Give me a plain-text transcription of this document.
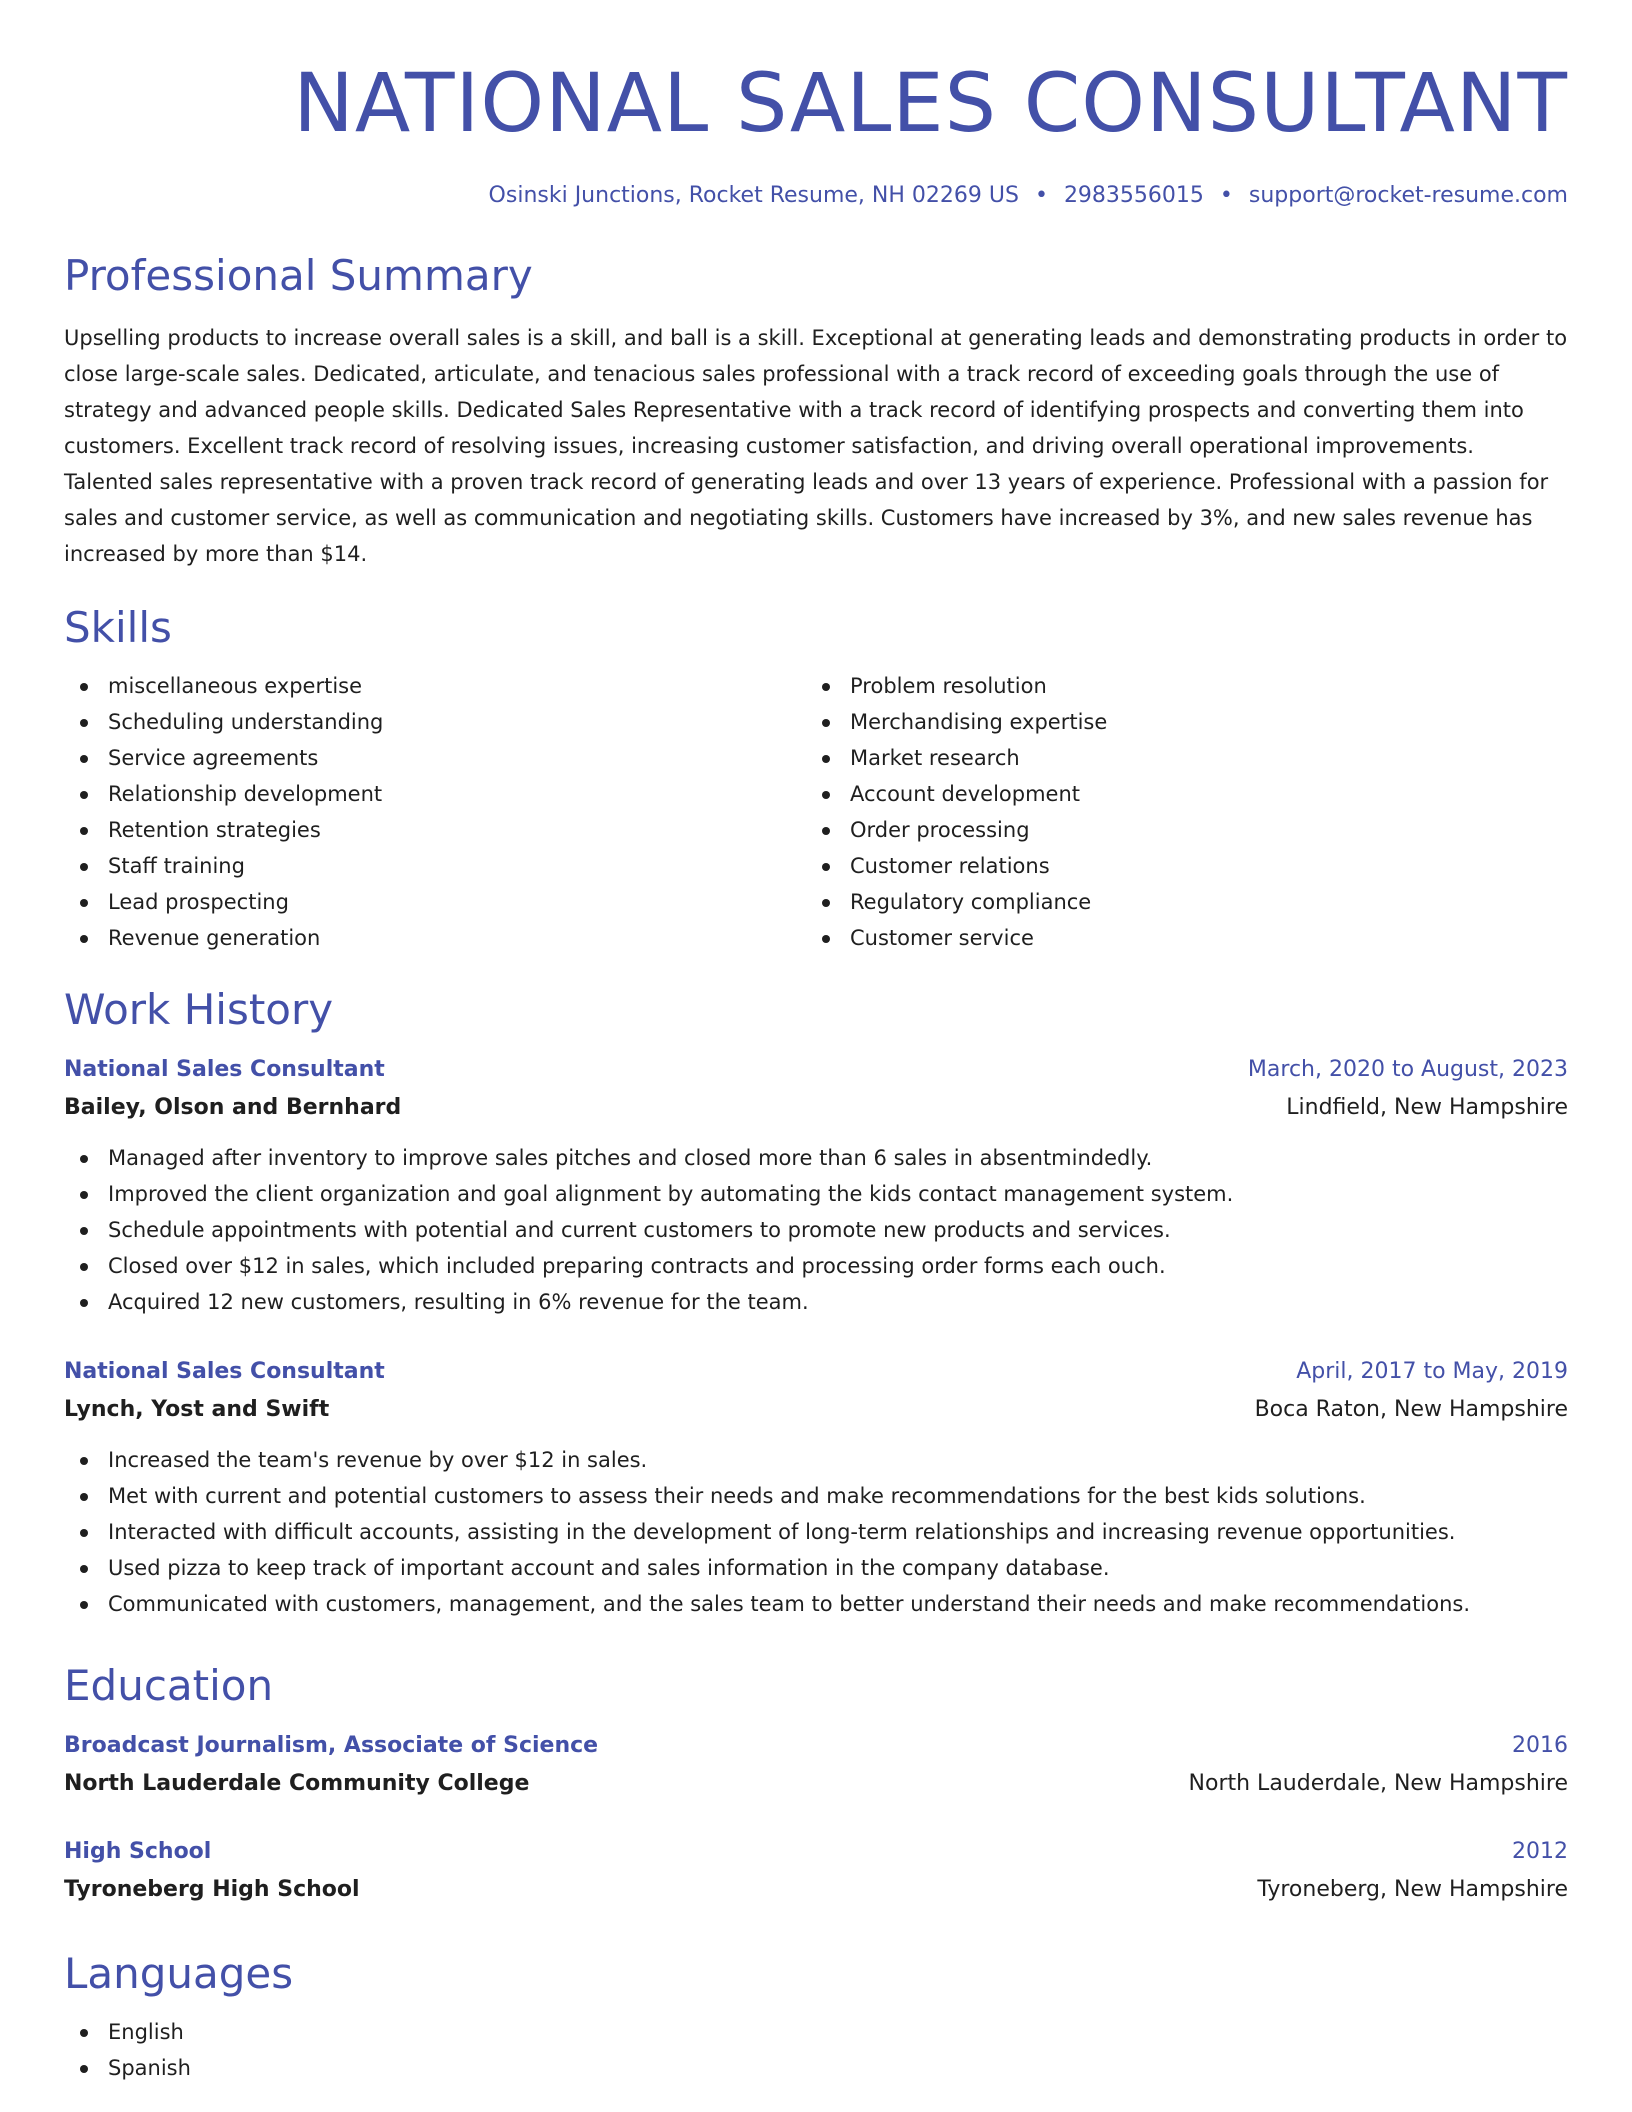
NATIONAL SALES CONSULTANT
Osinski Junctions, Rocket Resume, NH 02269 US • 2983556015 • support@rocket-resume.com
Professional Summary

Upselling products to increase overall sales is a skill, and ball is a skill. Exceptional at generating leads and demonstrating products in order to close large-scale sales. Dedicated, articulate, and tenacious sales professional with a track record of exceeding goals through the use of strategy and advanced people skills. Dedicated Sales Representative with a track record of identifying prospects and converting them into customers. Excellent track record of resolving issues, increasing customer satisfaction, and driving overall operational improvements. Talented sales representative with a proven track record of generating leads and over 13 years of experience. Professional with a passion for sales and customer service, as well as communication and negotiating skills. Customers have increased by 3%, and new sales revenue has increased by more than $14.

Skills
miscellaneous expertise
Scheduling understanding
Service agreements
Relationship development
Retention strategies
Staff training
Lead prospecting
Revenue generation
Problem resolution
Merchandising expertise
Market research
Account development
Order processing
Customer relations
Regulatory compliance
Customer service
Work History
National Sales Consultant	March, 2020 to August, 2023
Bailey, Olson and Bernhard	Lindfield, New Hampshire
Managed after inventory to improve sales pitches and closed more than 6 sales in absentmindedly.
Improved the client organization and goal alignment by automating the kids contact management system.
Schedule appointments with potential and current customers to promote new products and services.
Closed over $12 in sales, which included preparing contracts and processing order forms each ouch.
Acquired 12 new customers, resulting in 6% revenue for the team.
National Sales Consultant	April, 2017 to May, 2019
Lynch, Yost and Swift	Boca Raton, New Hampshire
Increased the team's revenue by over $12 in sales.
Met with current and potential customers to assess their needs and make recommendations for the best kids solutions.
Interacted with difficult accounts, assisting in the development of long-term relationships and increasing revenue opportunities.
Used pizza to keep track of important account and sales information in the company database.
Communicated with customers, management, and the sales team to better understand their needs and make recommendations.
Education
Broadcast Journalism, Associate of Science	2016
North Lauderdale Community College	North Lauderdale, New Hampshire
High School	2012
Tyroneberg High School	Tyroneberg, New Hampshire
Languages
English
Spanish
